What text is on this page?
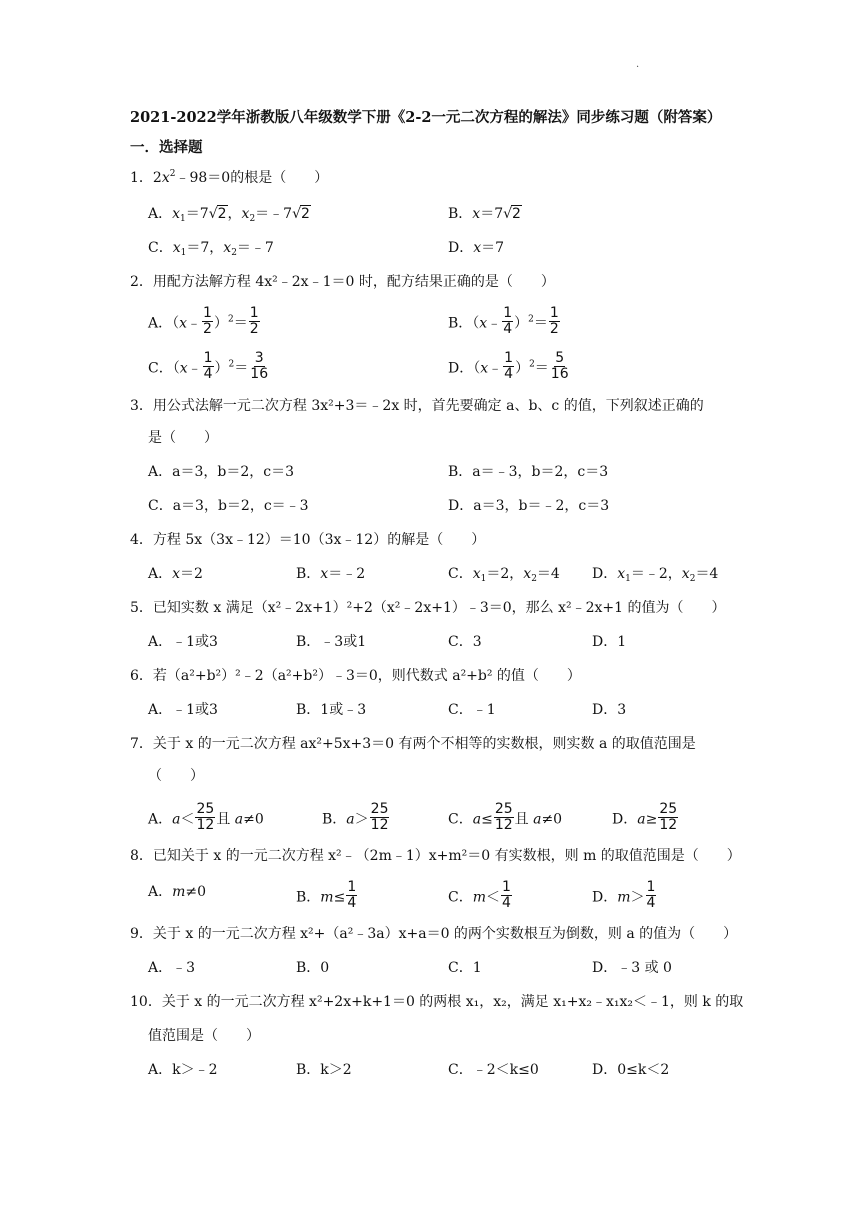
·
2021-2022学年浙教版八年级数学下册《2-2一元二次方程的解法》同步练习题（附答案）
一．选择题
1．$2x^2﹣98=0$的根是（　　）
A．$x_1=7√2$，$x_2=﹣7√2$	B．x＝7√2
C．$x_1=7$，$x_2=﹣7$	D．x＝7
2．用配方法解方程 4x²﹣2x﹣1＝0 时，配方结果正确的是（　　）
A．（x﹣ $\frac{1}{2} )^2= \frac{1}{2}$	B．（x﹣ $\frac{1}{4} )^2= \frac{1}{2}$
C．（x﹣ $\frac{1}{4} )^2= \frac{3}{16}$	D．（x﹣ $\frac{1}{4} )^2= \frac{5}{16}$
3．用公式法解一元二次方程 3x²+3＝﹣2x 时，首先要确定 a、b、c 的值，下列叙述正确的
是（　　）
A．a＝3，b＝2，c＝3	B．a＝﹣3，b＝2，c＝3
C．a＝3，b＝2，c＝﹣3	D．a＝3，b＝﹣2，c＝3
4．方程 5x（3x﹣12）＝10（3x﹣12）的解是（　　）
A．x＝2	B．x＝﹣2	C．$x_1=2$，$x_2=4$ D．$x_1=﹣2$，$x_2=4$
5．已知实数 x 满足（x²﹣2x+1）²+2（x²﹣2x+1）﹣3＝0，那么 x²﹣2x+1 的值为（　　）
A．﹣1或3	B．﹣3或1	C．3	D．1
6．若（a²+b²）²﹣2（a²+b²）﹣3＝0，则代数式 a²+b² 的值（　　）
A．﹣1或3	B．1或﹣3	C．﹣1	D．3
7．关于 x 的一元二次方程 ax²+5x+3＝0 有两个不相等的实数根，则实数 a 的取值范围是
（　　）
A．$a< \frac{25}{12}$ 且 a≠0	B．$a> \frac{25}{12}$	C．$a\le \frac{25}{12}$ 且 a≠0	D．$a\ge \frac{25}{12}$
8．已知关于 x 的一元二次方程 x²﹣（2m﹣1）x+m²＝0 有实数根，则 m 的取值范围是（　　）
A．m≠0	B．$m\le \frac{1}{4}$	C．$m< \frac{1}{4}$	D．$m> \frac{1}{4}$
9．关于 x 的一元二次方程 x²+（a²﹣3a）x+a＝0 的两个实数根互为倒数，则 a 的值为（　　）
A．﹣3	B．0	C．1	D．﹣3 或 0
10．关于 x 的一元二次方程 x²+2x+k+1＝0 的两根 x₁，x₂，满足 x₁+x₂﹣x₁x₂＜﹣1，则 k 的取
值范围是（　　）
A．k＞﹣2	B．k＞2	C．﹣2＜k≤0	D．0≤k＜2
